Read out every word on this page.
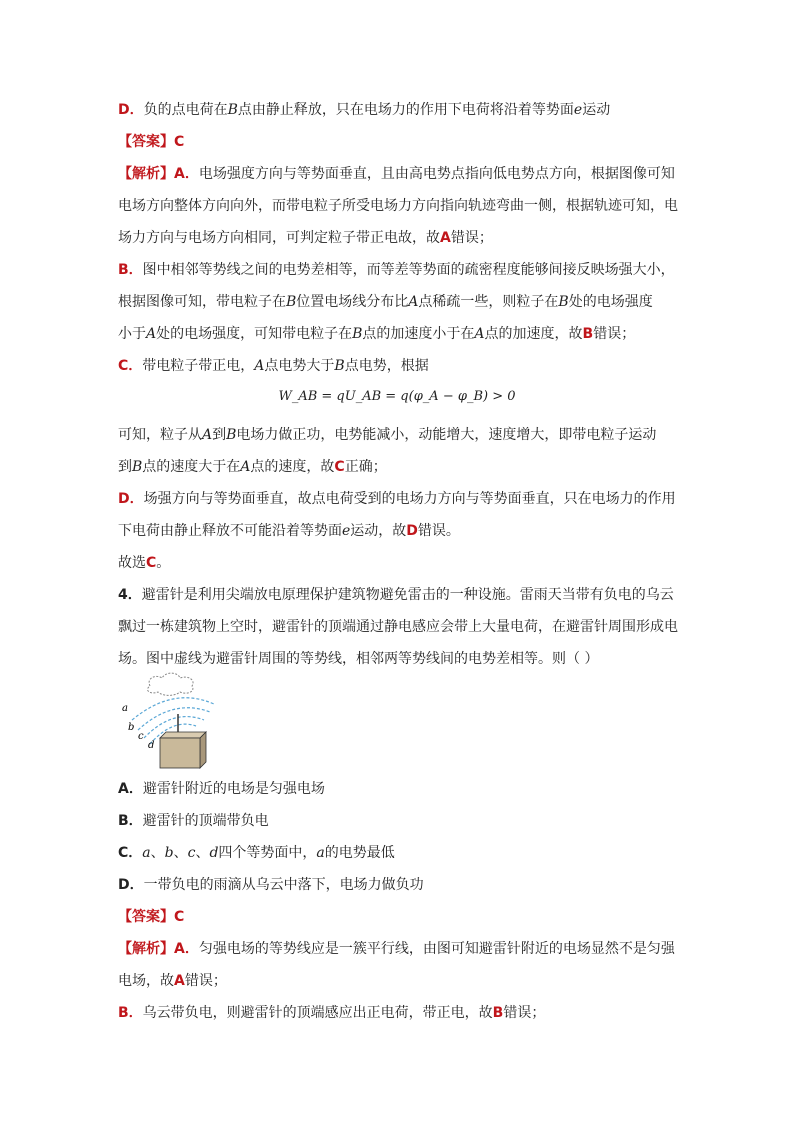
D．负的点电荷在B点由静止释放，只在电场力的作用下电荷将沿着等势面e运动
【答案】C
【解析】A．电场强度方向与等势面垂直，且由高电势点指向低电势点方向，根据图像可知
电场方向整体方向向外，而带电粒子所受电场力方向指向轨迹弯曲一侧，根据轨迹可知，电
场力方向与电场方向相同，可判定粒子带正电故，故A错误；
B．图中相邻等势线之间的电势差相等，而等差等势面的疏密程度能够间接反映场强大小，
根据图像可知，带电粒子在B位置电场线分布比A点稀疏一些，则粒子在B处的电场强度
小于A处的电场强度，可知带电粒子在B点的加速度小于在A点的加速度，故B错误；
C．带电粒子带正电，A点电势大于B点电势，根据
W_AB = qU_AB = q(φ_A − φ_B) > 0
可知，粒子从A到B电场力做正功，电势能减小，动能增大，速度增大，即带电粒子运动
到B点的速度大于在A点的速度，故C正确；
D．场强方向与等势面垂直，故点电荷受到的电场力方向与等势面垂直，只在电场力的作用
下电荷由静止释放不可能沿着等势面e运动，故D错误。
故选C。
4．避雷针是利用尖端放电原理保护建筑物避免雷击的一种设施。雷雨天当带有负电的乌云
飘过一栋建筑物上空时，避雷针的顶端通过静电感应会带上大量电荷，在避雷针周围形成电
场。图中虚线为避雷针周围的等势线，相邻两等势线间的电势差相等。则（ ）
a
b
c
d
A．避雷针附近的电场是匀强电场
B．避雷针的顶端带负电
C．a、b、c、d四个等势面中，a的电势最低
D．一带负电的雨滴从乌云中落下，电场力做负功
【答案】C
【解析】A．匀强电场的等势线应是一簇平行线，由图可知避雷针附近的电场显然不是匀强
电场，故A错误；
B．乌云带负电，则避雷针的顶端感应出正电荷，带正电，故B错误；
